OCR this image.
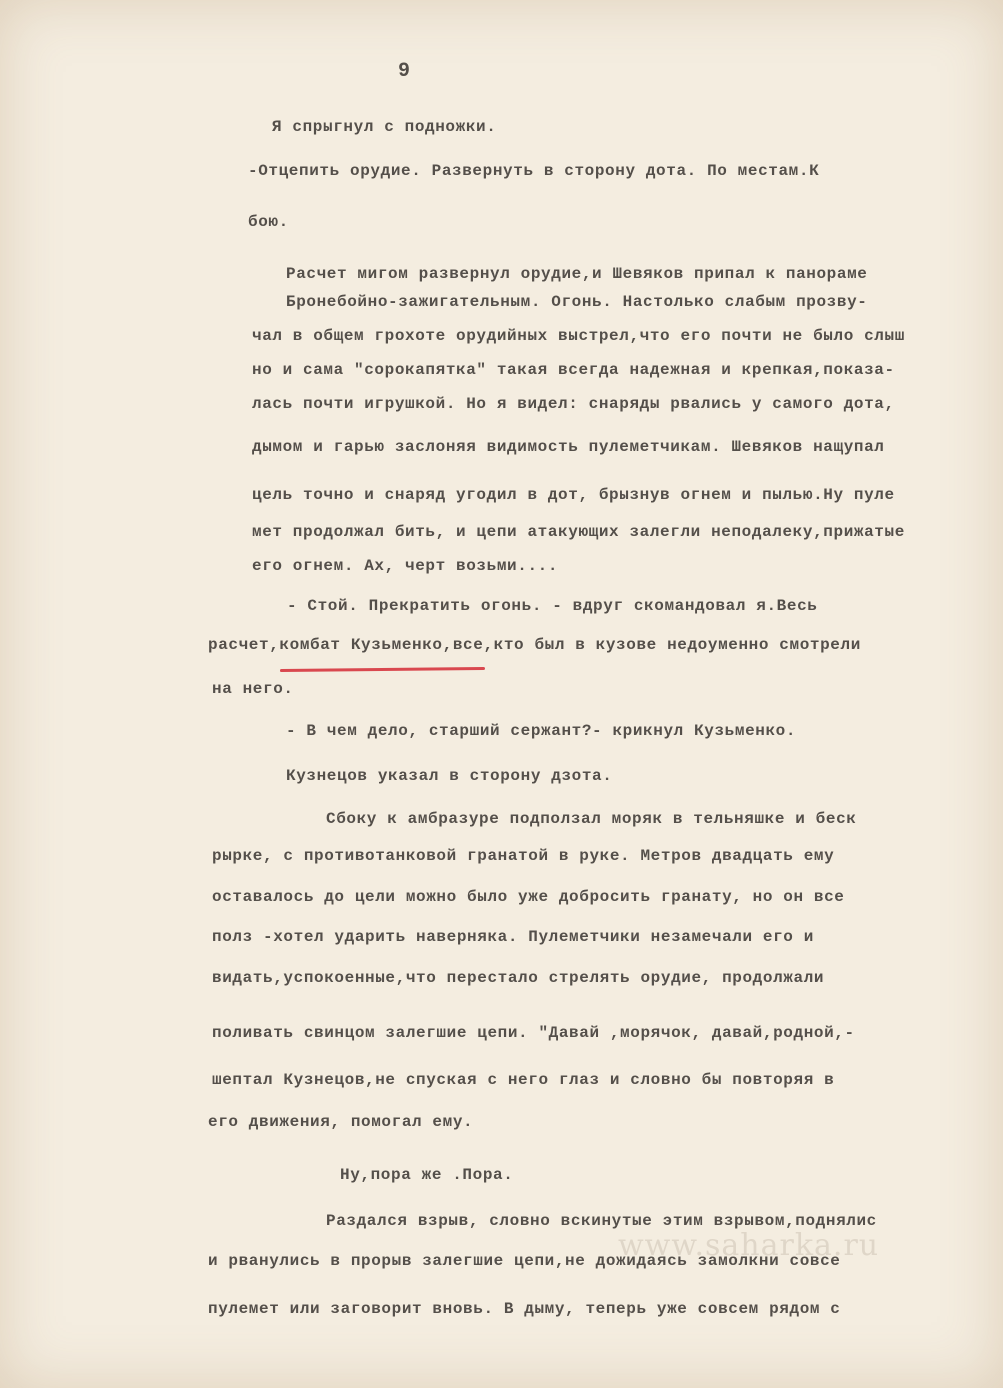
9
Я спрыгнул с подножки.
-Отцепить орудие. Развернуть в сторону дота. По местам.К
бою.
Расчет мигом развернул орудие,и Шевяков припал к панораме
Бронебойно-зажигательным. Огонь. Настолько слабым прозву-
чал в общем грохоте орудийных выстрел,что его почти не было слыш
но и сама "сорокапятка" такая всегда надежная и крепкая,показа-
лась почти игрушкой. Но я видел: снаряды рвались у самого дота,
дымом и гарью заслоняя видимость пулеметчикам. Шевяков нащупал
цель точно и снаряд угодил в дот, брызнув огнем и пылью.Ну пуле
мет продолжал бить, и цепи атакующих залегли неподалеку,прижатые
его огнем. Ах, черт возьми....
- Стой. Прекратить огонь. - вдруг скомандовал я.Весь
расчет,комбат Кузьменко,все,кто был в кузове недоуменно смотрели
на него.
- В чем дело, старший сержант?- крикнул Кузьменко.
Кузнецов указал в сторону дзота.
Сбоку к амбразуре подползал моряк в тельняшке и беск
рырке, с противотанковой гранатой в руке. Метров двадцать ему
оставалось до цели можно было уже добросить гранату, но он все
полз -хотел ударить наверняка. Пулеметчики незамечали его и
видать,успокоенные,что перестало стрелять орудие, продолжали
поливать свинцом залегшие цепи. "Давай ,морячок, давай,родной,-
шептал Кузнецов,не спуская с него глаз и словно бы повторяя в
его движения, помогал ему.
Ну,пора же .Пора.
Раздался взрыв, словно вскинутые этим взрывом,поднялис
и рванулись в прорыв залегшие цепи,не дожидаясь замолкни совсе
www.saharka.ru
пулемет или заговорит вновь. В дыму, теперь уже совсем рядом с
